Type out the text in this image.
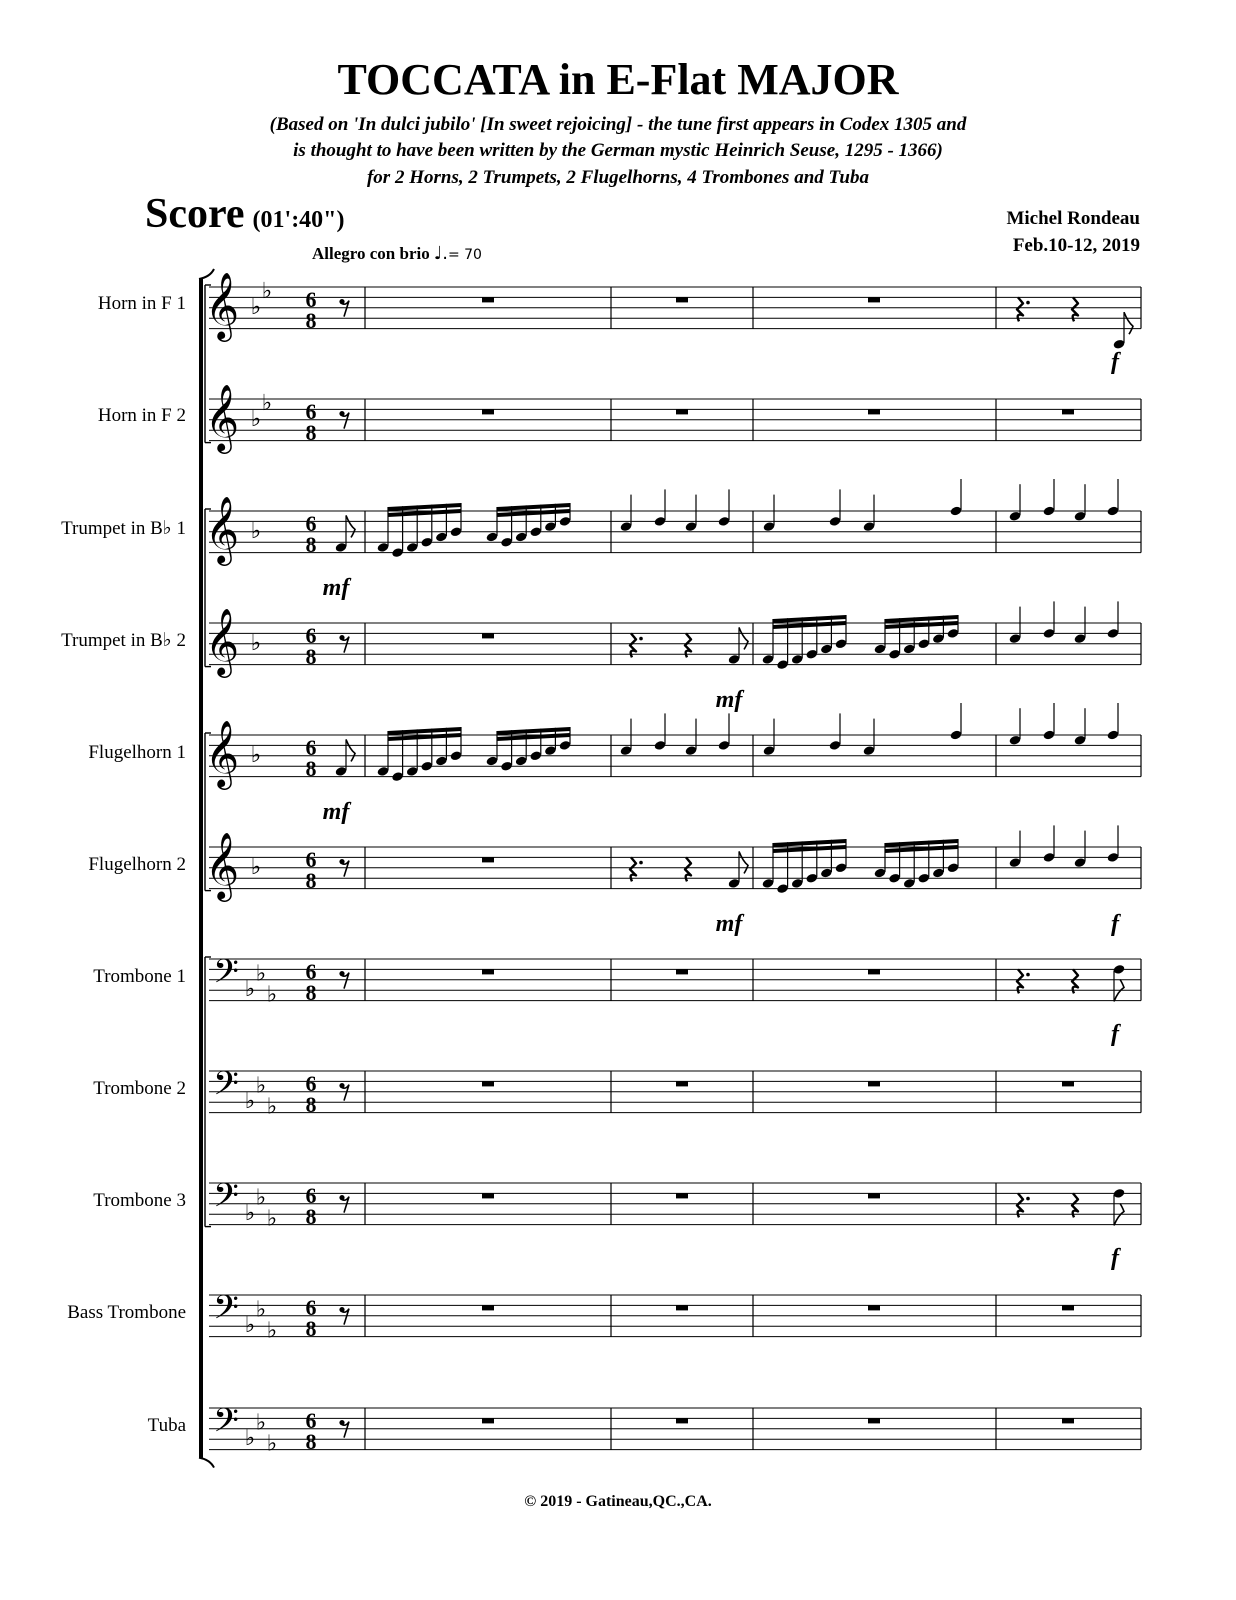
TOCCATA in E-Flat MAJOR
(Based on 'In dulci jubilo' [In sweet rejoicing] - the tune first appears in Codex 1305 and
is thought to have been written by the German mystic Heinrich Seuse, 1295 - 1366)
for 2 Horns, 2 Trumpets, 2 Flugelhorns, 4 Trombones and Tuba
Score (01':40")	Michel Rondeau
Feb.10-12, 2019
Allegro con brio ♩.= 70
Horn in F 1
Horn in F 2
Trumpet in B♭ 1
Trumpet in B♭ 2
Flugelhorn 1
Flugelhorn 2
Trombone 1
Trombone 2
Trombone 3
Bass Trombone
Tuba
𝄞 ♭
♭ 6
8
f
𝄞 ♭
♭ 6
8
𝄞 ♭ 6
8
mf
𝄞 ♭ 6
8
mf
𝄞 ♭ 6
8
mf
𝄞 ♭ 6
8
mf	f
𝄢 ♭
♭
♭
6
8
f
𝄢 ♭
♭
♭
6
8
𝄢 ♭
♭
♭
6
8
f
𝄢 ♭
♭
♭
6
8
𝄢 ♭
♭
♭
6
8
© 2019 - Gatineau,QC.,CA.
